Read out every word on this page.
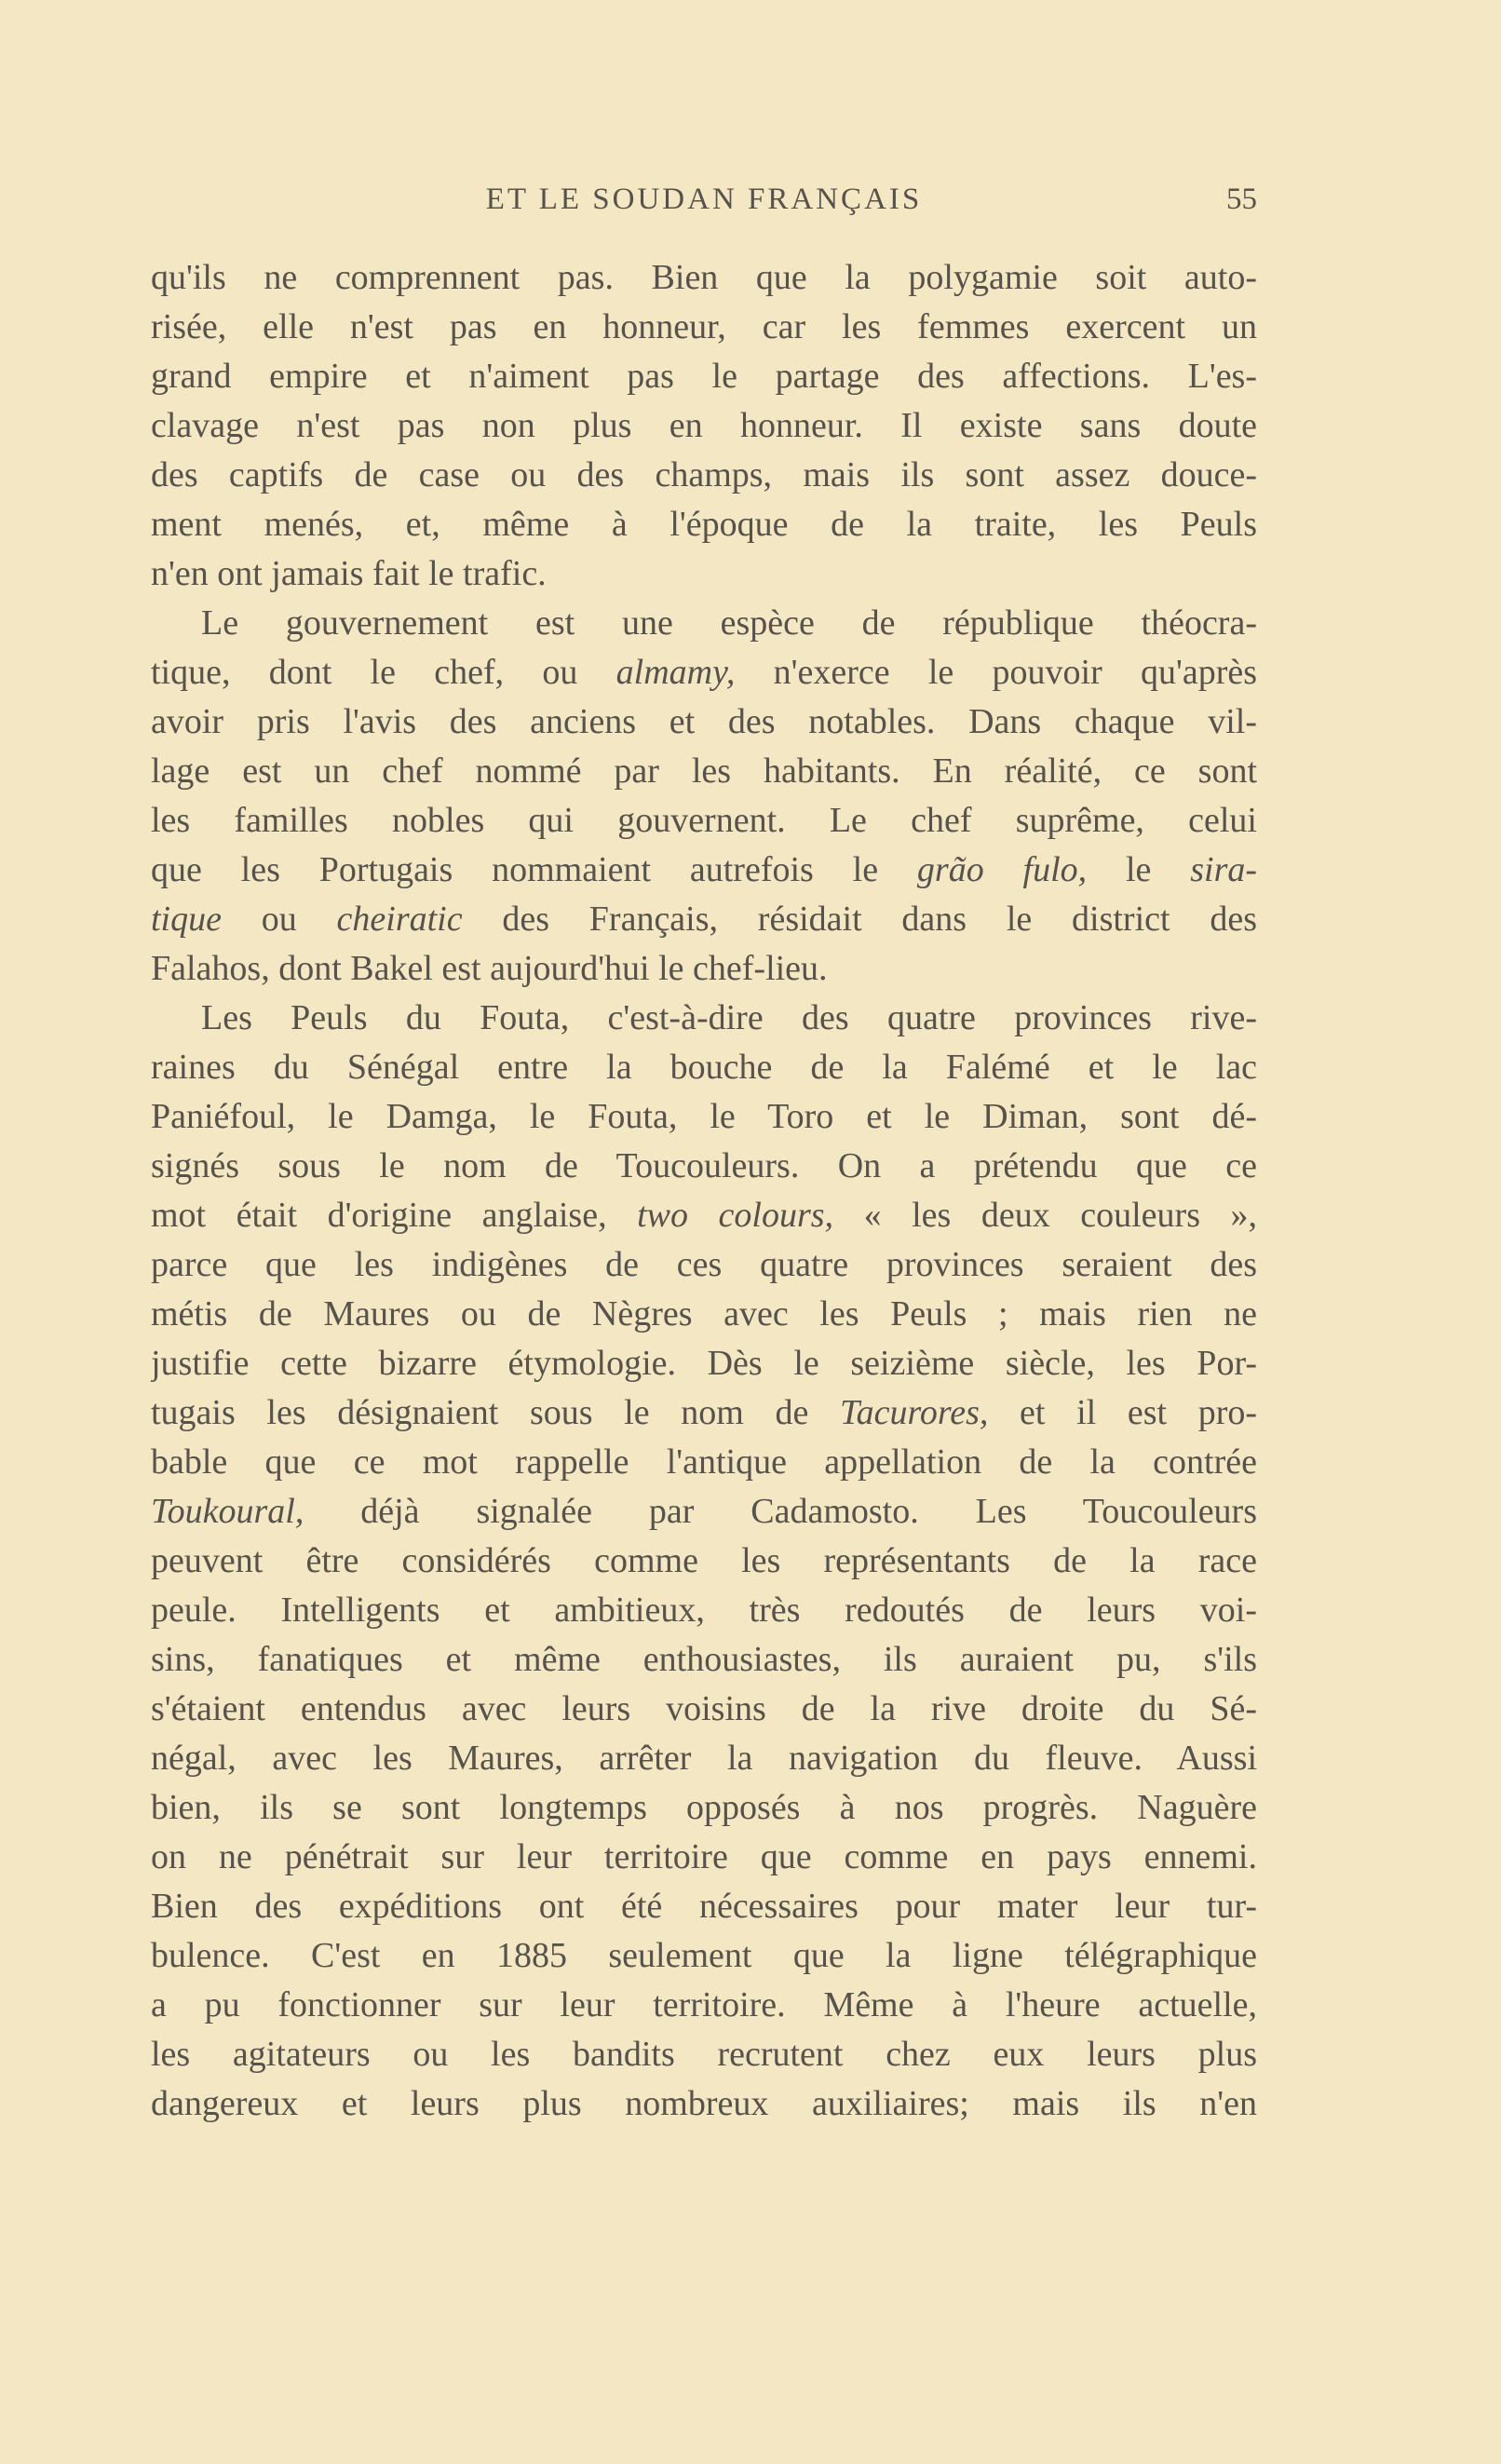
ET LE SOUDAN FRANÇAIS	55
qu'ils ne comprennent pas. Bien que la polygamie soit auto-
risée, elle n'est pas en honneur, car les femmes exercent un
grand empire et n'aiment pas le partage des affections. L'es-
clavage n'est pas non plus en honneur. Il existe sans doute
des captifs de case ou des champs, mais ils sont assez douce-
ment menés, et, même à l'époque de la traite, les Peuls
n'en ont jamais fait le trafic.
Le gouvernement est une espèce de république théocra-
tique, dont le chef, ou almamy, n'exerce le pouvoir qu'après
avoir pris l'avis des anciens et des notables. Dans chaque vil-
lage est un chef nommé par les habitants. En réalité, ce sont
les familles nobles qui gouvernent. Le chef suprême, celui
que les Portugais nommaient autrefois le grão fulo, le sira-
tique ou cheiratic des Français, résidait dans le district des
Falahos, dont Bakel est aujourd'hui le chef-lieu.
Les Peuls du Fouta, c'est-à-dire des quatre provinces rive-
raines du Sénégal entre la bouche de la Falémé et le lac
Paniéfoul, le Damga, le Fouta, le Toro et le Diman, sont dé-
signés sous le nom de Toucouleurs. On a prétendu que ce
mot était d'origine anglaise, two colours, « les deux couleurs »,
parce que les indigènes de ces quatre provinces seraient des
métis de Maures ou de Nègres avec les Peuls ; mais rien ne
justifie cette bizarre étymologie. Dès le seizième siècle, les Por-
tugais les désignaient sous le nom de Tacurores, et il est pro-
bable que ce mot rappelle l'antique appellation de la contrée
Toukoural, déjà signalée par Cadamosto. Les Toucouleurs
peuvent être considérés comme les représentants de la race
peule. Intelligents et ambitieux, très redoutés de leurs voi-
sins, fanatiques et même enthousiastes, ils auraient pu, s'ils
s'étaient entendus avec leurs voisins de la rive droite du Sé-
négal, avec les Maures, arrêter la navigation du fleuve. Aussi
bien, ils se sont longtemps opposés à nos progrès. Naguère
on ne pénétrait sur leur territoire que comme en pays ennemi.
Bien des expéditions ont été nécessaires pour mater leur tur-
bulence. C'est en 1885 seulement que la ligne télégraphique
a pu fonctionner sur leur territoire. Même à l'heure actuelle,
les agitateurs ou les bandits recrutent chez eux leurs plus
dangereux et leurs plus nombreux auxiliaires; mais ils n'en
